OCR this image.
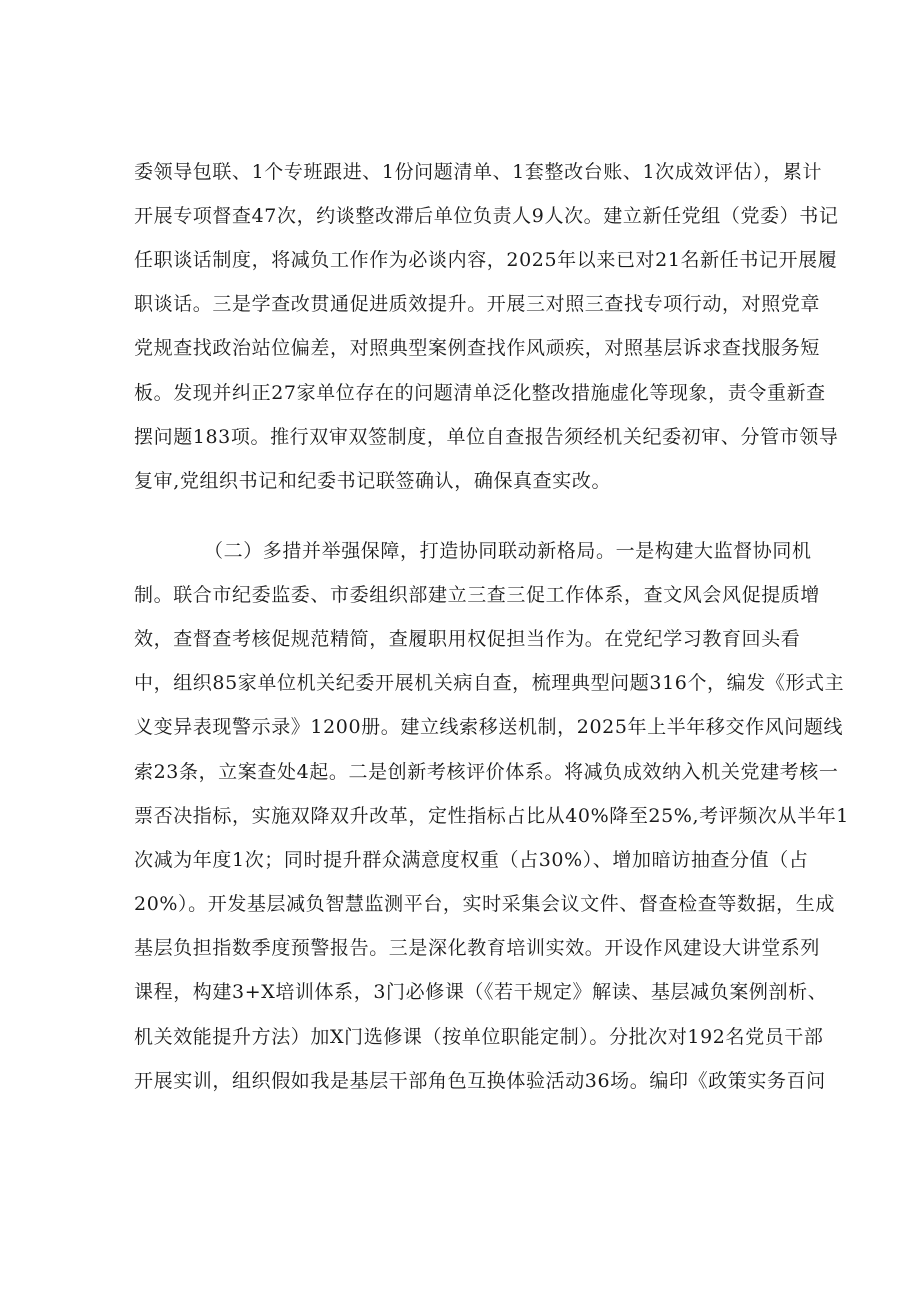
委领导包联、1个专班跟进、1份问题清单、1套整改台账、1次成效评估），累计
开展专项督查47次，约谈整改滞后单位负责人9人次。建立新任党组（党委）书记
任职谈话制度，将减负工作作为必谈内容，2025年以来已对21名新任书记开展履
职谈话。三是学查改贯通促进质效提升。开展三对照三查找专项行动，对照党章
党规查找政治站位偏差，对照典型案例查找作风顽疾，对照基层诉求查找服务短
板。发现并纠正27家单位存在的问题清单泛化整改措施虚化等现象，责令重新查
摆问题183项。推行双审双签制度，单位自查报告须经机关纪委初审、分管市领导
复审,党组织书记和纪委书记联签确认，确保真查实改。
（二）多措并举强保障，打造协同联动新格局。一是构建大监督协同机
制。联合市纪委监委、市委组织部建立三查三促工作体系，查文风会风促提质增
效，查督查考核促规范精简，查履职用权促担当作为。在党纪学习教育回头看
中，组织85家单位机关纪委开展机关病自查，梳理典型问题316个，编发《形式主
义变异表现警示录》1200册。建立线索移送机制，2025年上半年移交作风问题线
索23条，立案查处4起。二是创新考核评价体系。将减负成效纳入机关党建考核一
票否决指标，实施双降双升改革，定性指标占比从40%降至25%,考评频次从半年1
次减为年度1次；同时提升群众满意度权重（占30%）、增加暗访抽查分值（占
20%）。开发基层减负智慧监测平台，实时采集会议文件、督查检查等数据，生成
基层负担指数季度预警报告。三是深化教育培训实效。开设作风建设大讲堂系列
课程，构建3+X培训体系，3门必修课（《若干规定》解读、基层减负案例剖析、
机关效能提升方法）加X门选修课（按单位职能定制）。分批次对192名党员干部
开展实训，组织假如我是基层干部角色互换体验活动36场。编印《政策实务百问
